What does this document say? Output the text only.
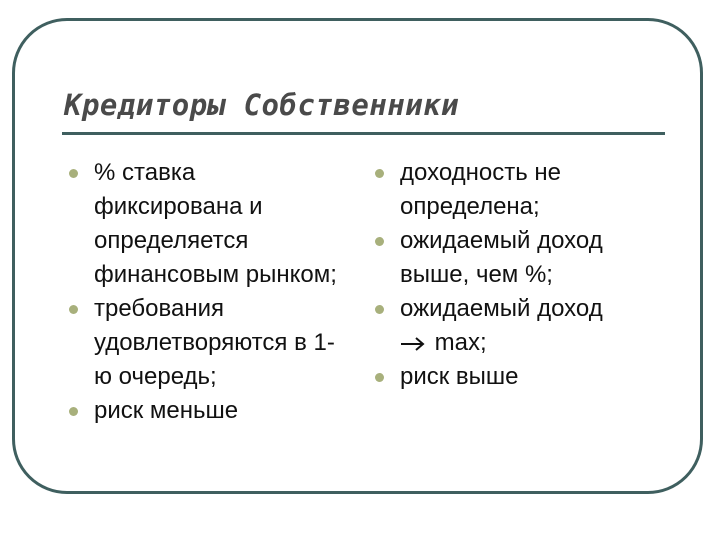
Кредиторы Собственники
% ставка фиксирована и определяется финансовым рынком;
требования удовлетворяются в 1-ю очередь;
риск меньше
доходность не определена;
ожидаемый доход выше, чем %;
ожидаемый доход
max;
риск выше
